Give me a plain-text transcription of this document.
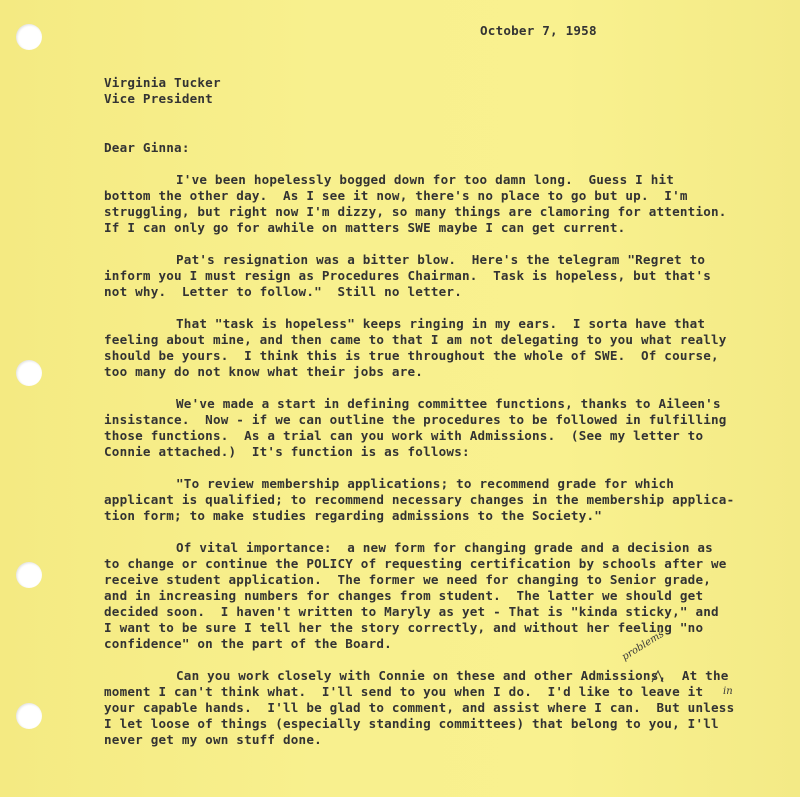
October 7, 1958
Virginia Tucker
Vice President
Dear Ginna:
I've been hopelessly bogged down for too damn long.  Guess I hit
bottom the other day.  As I see it now, there's no place to go but up.  I'm
struggling, but right now I'm dizzy, so many things are clamoring for attention.
If I can only go for awhile on matters SWE maybe I can get current.
Pat's resignation was a bitter blow.  Here's the telegram "Regret to
inform you I must resign as Procedures Chairman.  Task is hopeless, but that's
not why.  Letter to follow."  Still no letter.
That "task is hopeless" keeps ringing in my ears.  I sorta have that
feeling about mine, and then came to that I am not delegating to you what really
should be yours.  I think this is true throughout the whole of SWE.  Of course,
too many do not know what their jobs are.
We've made a start in defining committee functions, thanks to Aileen's
insistance.  Now - if we can outline the procedures to be followed in fulfilling
those functions.  As a trial can you work with Admissions.  (See my letter to
Connie attached.)  It's function is as follows:
"To review membership applications; to recommend grade for which
applicant is qualified; to recommend necessary changes in the membership applica-
tion form; to make studies regarding admissions to the Society."
Of vital importance:  a new form for changing grade and a decision as
to change or continue the POLICY of requesting certification by schools after we
receive student application.  The former we need for changing to Senior grade,
and in increasing numbers for changes from student.  The latter we should get
decided soon.  I haven't written to Maryly as yet - That is "kinda sticky," and
I want to be sure I tell her the story correctly, and without her feeling "no
confidence" on the part of the Board.
Can you work closely with Connie on these and other Admissions,  At the
moment I can't think what.  I'll send to you when I do.  I'd like to leave it
your capable hands.  I'll be glad to comment, and assist where I can.  But unless
I let loose of things (especially standing committees) that belong to you, I'll
never get my own stuff done.
problems
in
